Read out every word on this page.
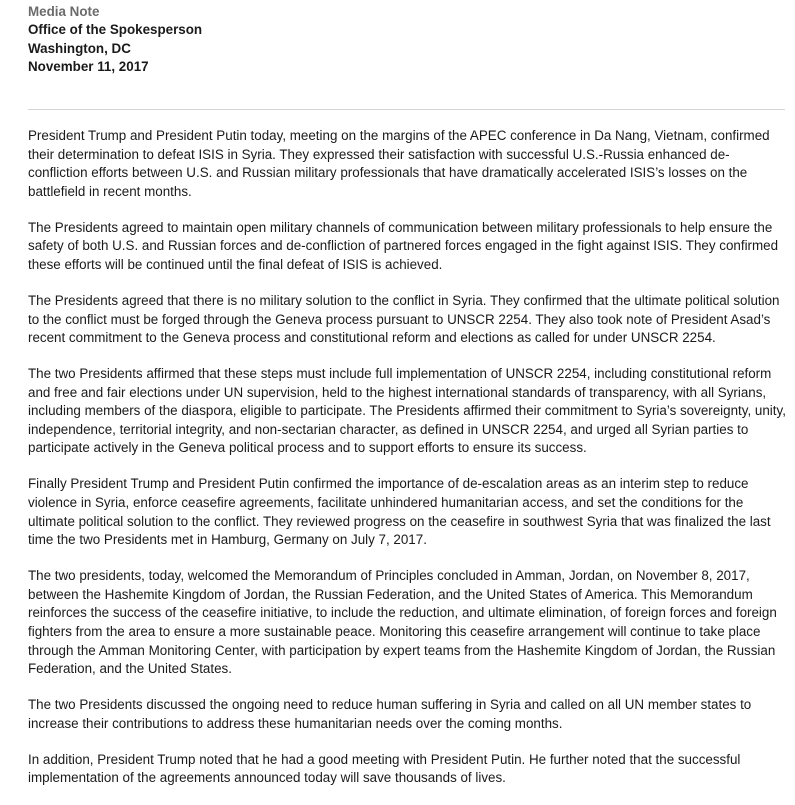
Media Note

Office of the Spokesperson

Washington, DC

November 11, 2017

President Trump and President Putin today, meeting on the margins of the APEC conference in Da Nang, Vietnam, confirmed their determination to defeat ISIS in Syria. They expressed their satisfaction with successful U.S.-Russia enhanced de-confliction efforts between U.S. and Russian military professionals that have dramatically accelerated ISIS’s losses on the battlefield in recent months.

The Presidents agreed to maintain open military channels of communication between military professionals to help ensure the safety of both U.S. and Russian forces and de-confliction of partnered forces engaged in the fight against ISIS. They confirmed these efforts will be continued until the final defeat of ISIS is achieved.

The Presidents agreed that there is no military solution to the conflict in Syria. They confirmed that the ultimate political solution to the conflict must be forged through the Geneva process pursuant to UNSCR 2254. They also took note of President Asad’s recent commitment to the Geneva process and constitutional reform and elections as called for under UNSCR 2254.

The two Presidents affirmed that these steps must include full implementation of UNSCR 2254, including constitutional reform and free and fair elections under UN supervision, held to the highest international standards of transparency, with all Syrians, including members of the diaspora, eligible to participate. The Presidents affirmed their commitment to Syria’s sovereignty, unity, independence, territorial integrity, and non-sectarian character, as defined in UNSCR 2254, and urged all Syrian parties to participate actively in the Geneva political process and to support efforts to ensure its success.

Finally President Trump and President Putin confirmed the importance of de-escalation areas as an interim step to reduce violence in Syria, enforce ceasefire agreements, facilitate unhindered humanitarian access, and set the conditions for the ultimate political solution to the conflict. They reviewed progress on the ceasefire in southwest Syria that was finalized the last time the two Presidents met in Hamburg, Germany on July 7, 2017.

The two presidents, today, welcomed the Memorandum of Principles concluded in Amman, Jordan, on November 8, 2017, between the Hashemite Kingdom of Jordan, the Russian Federation, and the United States of America. This Memorandum reinforces the success of the ceasefire initiative, to include the reduction, and ultimate elimination, of foreign forces and foreign fighters from the area to ensure a more sustainable peace. Monitoring this ceasefire arrangement will continue to take place through the Amman Monitoring Center, with participation by expert teams from the Hashemite Kingdom of Jordan, the Russian Federation, and the United States.

The two Presidents discussed the ongoing need to reduce human suffering in Syria and called on all UN member states to increase their contributions to address these humanitarian needs over the coming months.

In addition, President Trump noted that he had a good meeting with President Putin. He further noted that the successful implementation of the agreements announced today will save thousands of lives.
